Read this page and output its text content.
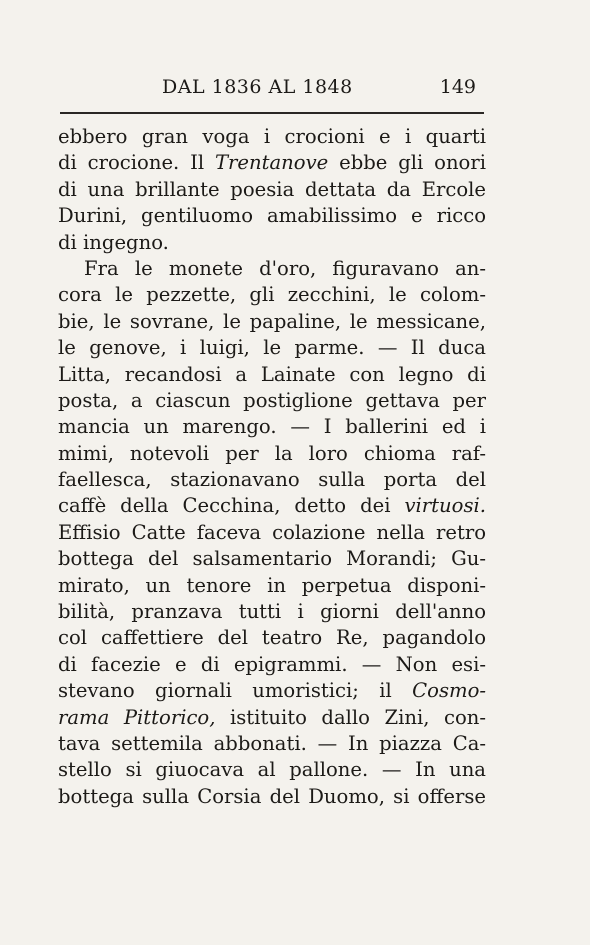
DAL 1836 AL 1848	149
ebbero gran voga i crocioni e i quarti
di crocione. Il Trentanove ebbe gli onori
di una brillante poesia dettata da Ercole
Durini, gentiluomo amabilissimo e ricco
di ingegno.
Fra le monete d'oro, figuravano an-
cora le pezzette, gli zecchini, le colom-
bie, le sovrane, le papaline, le messicane,
le genove, i luigi, le parme. — Il duca
Litta, recandosi a Lainate con legno di
posta, a ciascun postiglione gettava per
mancia un marengo. — I ballerini ed i
mimi, notevoli per la loro chioma raf-
faellesca, stazionavano sulla porta del
caffè della Cecchina, detto dei virtuosi.
Effisio Catte faceva colazione nella retro
bottega del salsamentario Morandi; Gu-
mirato, un tenore in perpetua disponi-
bilità, pranzava tutti i giorni dell'anno
col caffettiere del teatro Re, pagandolo
di facezie e di epigrammi. — Non esi-
stevano giornali umoristici; il Cosmo-
rama Pittorico, istituito dallo Zini, con-
tava settemila abbonati. — In piazza Ca-
stello si giuocava al pallone. — In una
bottega sulla Corsia del Duomo, si offerse
